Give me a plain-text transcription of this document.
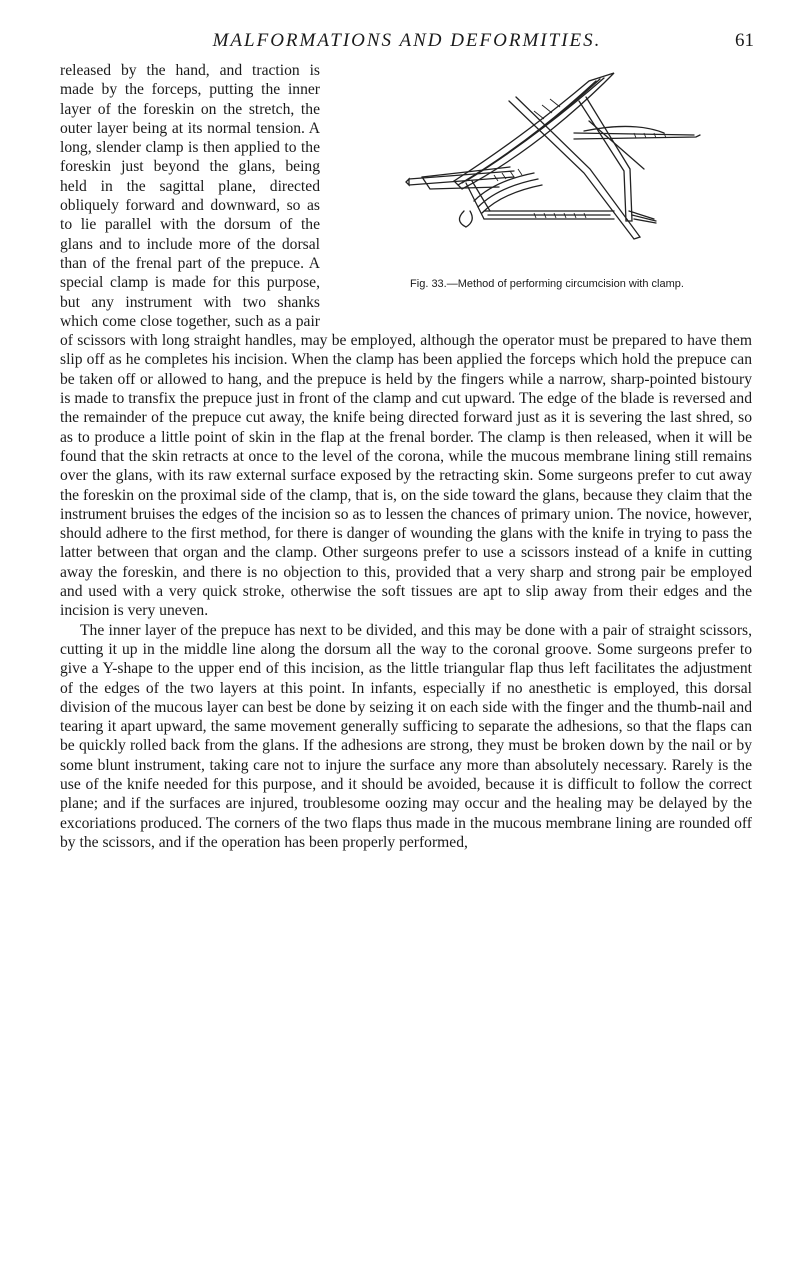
MALFORMATIONS AND DEFORMITIES.	61
Fig. 33.—Method of performing circumcision with clamp.

released by the hand, and traction is made by the forceps, putting the inner layer of the foreskin on the stretch, the outer layer being at its normal tension. A long, slender clamp is then applied to the foreskin just beyond the glans, being held in the sagittal plane, directed obliquely forward and downward, so as to lie parallel with the dorsum of the glans and to include more of the dorsal than of the frenal part of the prepuce. A special clamp is made for this purpose, but any instrument with two shanks which come close together, such as a pair of scissors with long straight handles, may be employed, although the operator must be prepared to have them slip off as he completes his incision. When the clamp has been applied the forceps which hold the prepuce can be taken off or allowed to hang, and the prepuce is held by the fingers while a narrow, sharp-pointed bistoury is made to transfix the prepuce just in front of the clamp and cut upward. The edge of the blade is reversed and the remainder of the prepuce cut away, the knife being directed forward just as it is severing the last shred, so as to produce a little point of skin in the flap at the frenal border. The clamp is then released, when it will be found that the skin retracts at once to the level of the corona, while the mucous membrane lining still remains over the glans, with its raw external surface exposed by the retracting skin. Some surgeons prefer to cut away the foreskin on the proximal side of the clamp, that is, on the side toward the glans, because they claim that the instrument bruises the edges of the incision so as to lessen the chances of primary union. The novice, however, should adhere to the first method, for there is danger of wounding the glans with the knife in trying to pass the latter between that organ and the clamp. Other surgeons prefer to use a scissors instead of a knife in cutting away the foreskin, and there is no objection to this, provided that a very sharp and strong pair be employed and used with a very quick stroke, otherwise the soft tissues are apt to slip away from their edges and the incision is very uneven.

The inner layer of the prepuce has next to be divided, and this may be done with a pair of straight scissors, cutting it up in the middle line along the dorsum all the way to the coronal groove. Some surgeons prefer to give a Y-shape to the upper end of this incision, as the little triangular flap thus left facilitates the adjustment of the edges of the two layers at this point. In infants, especially if no anesthetic is employed, this dorsal division of the mucous layer can best be done by seizing it on each side with the finger and the thumb-nail and tearing it apart upward, the same movement generally sufficing to separate the adhesions, so that the flaps can be quickly rolled back from the glans. If the adhesions are strong, they must be broken down by the nail or by some blunt instrument, taking care not to injure the surface any more than absolutely necessary. Rarely is the use of the knife needed for this purpose, and it should be avoided, because it is difficult to follow the correct plane; and if the surfaces are injured, troublesome oozing may occur and the healing may be delayed by the excoriations produced. The corners of the two flaps thus made in the mucous membrane lining are rounded off by the scissors, and if the operation has been properly performed,
